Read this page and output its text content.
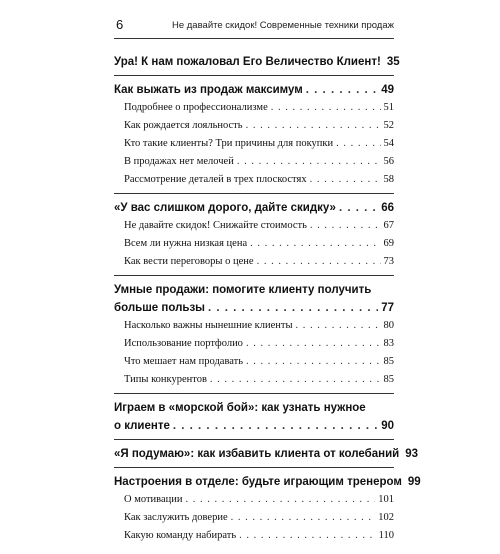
6	Не давайте скидок! Современные техники продаж
Ура! К нам пожаловал Его Величество Клиент! 35
Как выжать из продаж максимум . . .	49
Подробнее о профессионализме . . .	51
Как рождается лояльность . . .	52
Кто такие клиенты? Три причины для покупки . . .	54
В продажах нет мелочей . . .	56
Рассмотрение деталей в трех плоскостях . . .	58
«У вас слишком дорого, дайте скидку» . . .	66
Не давайте скидок! Снижайте стоимость . . .	67
Всем ли нужна низкая цена . . .	69
Как вести переговоры о цене . . .	73
Умные продажи: помогите клиенту получить
больше пользы . . .	77
Насколько важны нынешние клиенты . . .	80
Использование портфолио . . .	83
Что мешает нам продавать . . .	85
Типы конкурентов . . .	85
Играем в «морской бой»: как узнать нужное
о клиенте . . .	90
«Я подумаю»: как избавить клиента от колебаний 93
Настроения в отделе: будьте играющим тренером 99
О мотивации . . .	101
Как заслужить доверие . . .	102
Какую команду набирать . . .	110
